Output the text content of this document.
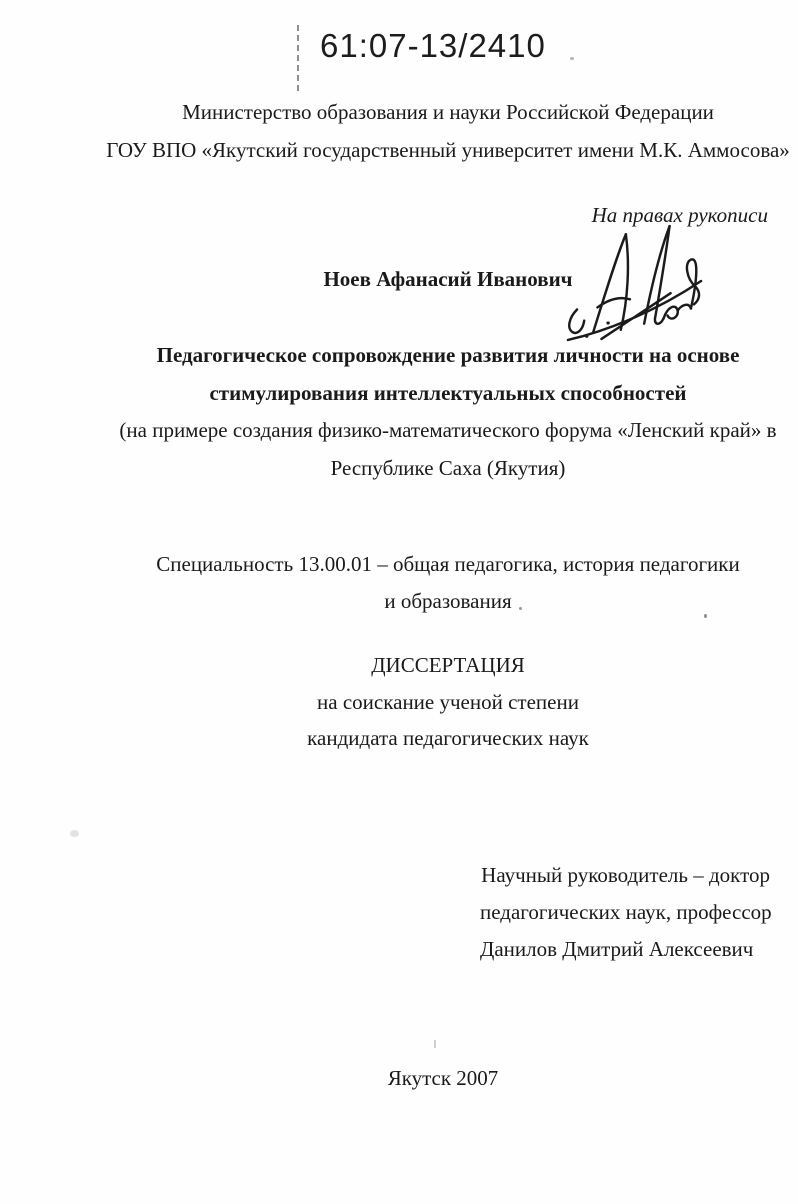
61:07-13/2410
Министерство образования и науки Российской Федерации
ГОУ ВПО «Якутский государственный университет имени М.К. Аммосова»
На правах рукописи
Ноев Афанасий Иванович
Педагогическое сопровождение развития личности на основе
стимулирования интеллектуальных способностей
(на примере создания физико-математического форума «Ленский край» в
Республике Саха (Якутия)
Специальность 13.00.01 – общая педагогика, история педагогики
и образования
ДИССЕРТАЦИЯ
на соискание ученой степени
кандидата педагогических наук
Научный руководитель – доктор
педагогических наук, профессор
Данилов Дмитрий Алексеевич
Якутск 2007
